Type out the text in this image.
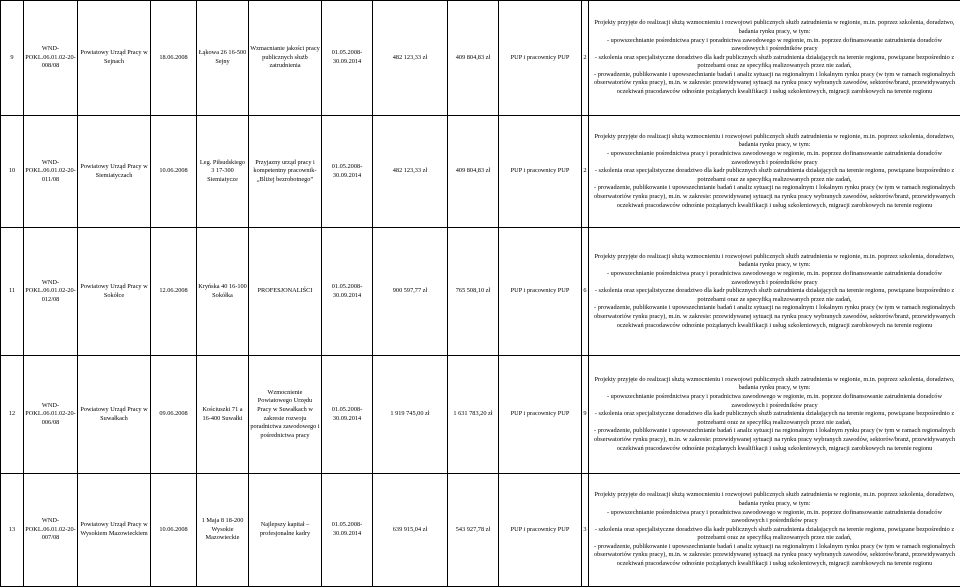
9	WND-POKL.06.01.02-20-008/08	Powiatowy Urząd Pracy w Sejnach	18.06.2008	Łąkowa 26 16-500 Sejny	Wzmacnianie jakości pracy publicznych służb zatrudnienia	01.05.2008-30.09.2014	482 123,33 zł	409 804,83 zł	PUP i pracownicy PUP	2	Projekty przyjęte do realizacji służą wzmocnieniu i rozwojowi publicznych służb zatrudnienia w regionie, m.in. poprzez szkolenia, doradztwo, badania rynku pracy, w tym:
- upowszechnianie pośrednictwa pracy i poradnictwa zawodowego w regionie, m.in. poprzez dofinansowanie zatrudnienia doradców zawodowych i pośredników pracy
- szkolenia oraz specjalistyczne doradztwo dla kadr publicznych służb zatrudnienia działających na terenie regionu, powiązane bezpośrednio z potrzebami oraz ze specyfiką realizowanych przez nie zadań,
- prowadzenie, publikowanie i upowszechnianie badań i analiz sytuacji na regionalnym i lokalnym rynku pracy (w tym w ramach regionalnych obserwatoriów rynku pracy), m.in. w zakresie: przewidywanej sytuacji na rynku pracy wybranych zawodów, sektorów/branż, przewidywanych oczekiwań pracodawców odnośnie pożądanych kwalifikacji i usług szkoleniowych, migracji zarobkowych na terenie regionu

10	WND-POKL.06.01.02-20-011/08	Powiatowy Urząd Pracy w Siemiatyczach	10.06.2008	Leg. Piłsudskiego 3 17-300 Siemiatycze	Przyjazny urząd pracy i kompetentny pracownik- „Bliżej bezrobotnego”	01.05.2008-30.09.2014	482 123,33 zł	409 804,83 zł	PUP i pracownicy PUP	2	Projekty przyjęte do realizacji służą wzmocnieniu i rozwojowi publicznych służb zatrudnienia w regionie, m.in. poprzez szkolenia, doradztwo, badania rynku pracy, w tym:
- upowszechnianie pośrednictwa pracy i poradnictwa zawodowego w regionie, m.in. poprzez dofinansowanie zatrudnienia doradców zawodowych i pośredników pracy
- szkolenia oraz specjalistyczne doradztwo dla kadr publicznych służb zatrudnienia działających na terenie regionu, powiązane bezpośrednio z potrzebami oraz ze specyfiką realizowanych przez nie zadań,
- prowadzenie, publikowanie i upowszechnianie badań i analiz sytuacji na regionalnym i lokalnym rynku pracy (w tym w ramach regionalnych obserwatoriów rynku pracy), m.in. w zakresie: przewidywanej sytuacji na rynku pracy wybranych zawodów, sektorów/branż, przewidywanych oczekiwań pracodawców odnośnie pożądanych kwalifikacji i usług szkoleniowych, migracji zarobkowych na terenie regionu

11	WND-POKL.06.01.02-20-012/08	Powiatowy Urząd Pracy w Sokółce	12.06.2008	Kryńska 40 16-100 Sokółka	PROFESJONALIŚCI	01.05.2008-30.09.2014	900 597,77 zł	765 508,10 zł	PUP i pracownicy PUP	6	Projekty przyjęte do realizacji służą wzmocnieniu i rozwojowi publicznych służb zatrudnienia w regionie, m.in. poprzez szkolenia, doradztwo, badania rynku pracy, w tym:
- upowszechnianie pośrednictwa pracy i poradnictwa zawodowego w regionie, m.in. poprzez dofinansowanie zatrudnienia doradców zawodowych i pośredników pracy
- szkolenia oraz specjalistyczne doradztwo dla kadr publicznych służb zatrudnienia działających na terenie regionu, powiązane bezpośrednio z potrzebami oraz ze specyfiką realizowanych przez nie zadań,
- prowadzenie, publikowanie i upowszechnianie badań i analiz sytuacji na regionalnym i lokalnym rynku pracy (w tym w ramach regionalnych obserwatoriów rynku pracy), m.in. w zakresie: przewidywanej sytuacji na rynku pracy wybranych zawodów, sektorów/branż, przewidywanych oczekiwań pracodawców odnośnie pożądanych kwalifikacji i usług szkoleniowych, migracji zarobkowych na terenie regionu

12	WND-POKL.06.01.02-20-006/08	Powiatowy Urząd Pracy w Suwałkach	09.06.2008	Kościuszki 71 a 16-400 Suwałki	Wzmocnienie Powiatowego Urzędu Pracy w Suwałkach w zakresie rozwoju poradnictwa zawodowego i pośrednictwa pracy	01.05.2008-30.09.2014	1 919 745,00 zł	1 631 783,20 zł	PUP i pracownicy PUP	9	Projekty przyjęte do realizacji służą wzmocnieniu i rozwojowi publicznych służb zatrudnienia w regionie, m.in. poprzez szkolenia, doradztwo, badania rynku pracy, w tym:
- upowszechnianie pośrednictwa pracy i poradnictwa zawodowego w regionie, m.in. poprzez dofinansowanie zatrudnienia doradców zawodowych i pośredników pracy
- szkolenia oraz specjalistyczne doradztwo dla kadr publicznych służb zatrudnienia działających na terenie regionu, powiązane bezpośrednio z potrzebami oraz ze specyfiką realizowanych przez nie zadań,
- prowadzenie, publikowanie i upowszechnianie badań i analiz sytuacji na regionalnym i lokalnym rynku pracy (w tym w ramach regionalnych obserwatoriów rynku pracy), m.in. w zakresie: przewidywanej sytuacji na rynku pracy wybranych zawodów, sektorów/branż, przewidywanych oczekiwań pracodawców odnośnie pożądanych kwalifikacji i usług szkoleniowych, migracji zarobkowych na terenie regionu

13	WND-POKL.06.01.02-20-007/08	Powiatowy Urząd Pracy w Wysokiem Mazowieckiem	10.06.2008	1 Maja 8 18-200 Wysokie Mazowieckie	Najlepszy kapitał – profesjonalne kadry	01.05.2008-30.09.2014	639 915,04 zł	543 927,78 zł	PUP i pracownicy PUP	3	Projekty przyjęte do realizacji służą wzmocnieniu i rozwojowi publicznych służb zatrudnienia w regionie, m.in. poprzez szkolenia, doradztwo, badania rynku pracy, w tym:
- upowszechnianie pośrednictwa pracy i poradnictwa zawodowego w regionie, m.in. poprzez dofinansowanie zatrudnienia doradców zawodowych i pośredników pracy
- szkolenia oraz specjalistyczne doradztwo dla kadr publicznych służb zatrudnienia działających na terenie regionu, powiązane bezpośrednio z potrzebami oraz ze specyfiką realizowanych przez nie zadań,
- prowadzenie, publikowanie i upowszechnianie badań i analiz sytuacji na regionalnym i lokalnym rynku pracy (w tym w ramach regionalnych obserwatoriów rynku pracy), m.in. w zakresie: przewidywanej sytuacji na rynku pracy wybranych zawodów, sektorów/branż, przewidywanych oczekiwań pracodawców odnośnie pożądanych kwalifikacji i usług szkoleniowych, migracji zarobkowych na terenie regionu
